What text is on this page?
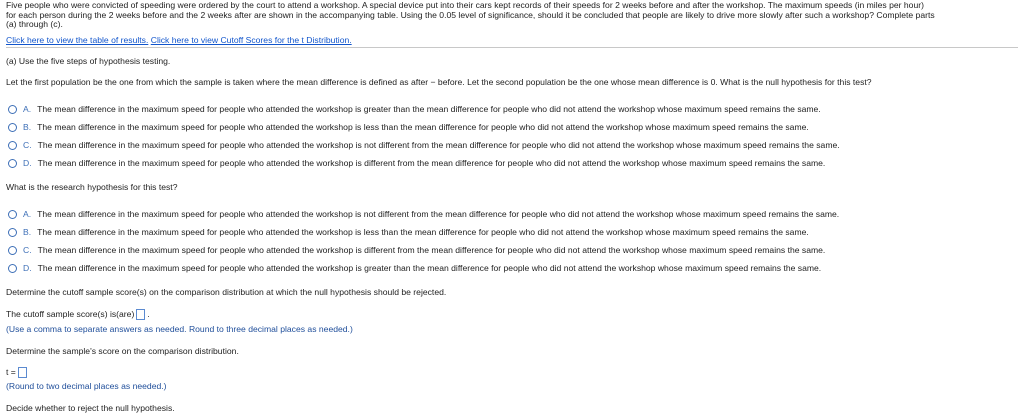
Five people who were convicted of speeding were ordered by the court to attend a workshop. A special device put into their cars kept records of their speeds for 2 weeks before and after the workshop. The maximum speeds (in miles per hour)

for each person during the 2 weeks before and the 2 weeks after are shown in the accompanying table. Using the 0.05 level of significance, should it be concluded that people are likely to drive more slowly after such a workshop? Complete parts

(a) through (c).

Click here to view the table of results. Click here to view Cutoff Scores for the t Distribution.
(a) Use the five steps of hypothesis testing.
Let the first population be the one from which the sample is taken where the mean difference is defined as after − before. Let the second population be the one whose mean difference is 0. What is the null hypothesis for this test?
A. The mean difference in the maximum speed for people who attended the workshop is greater than the mean difference for people who did not attend the workshop whose maximum speed remains the same.
B. The mean difference in the maximum speed for people who attended the workshop is less than the mean difference for people who did not attend the workshop whose maximum speed remains the same.
C. The mean difference in the maximum speed for people who attended the workshop is not different from the mean difference for people who did not attend the workshop whose maximum speed remains the same.
D. The mean difference in the maximum speed for people who attended the workshop is different from the mean difference for people who did not attend the workshop whose maximum speed remains the same.
What is the research hypothesis for this test?
A. The mean difference in the maximum speed for people who attended the workshop is not different from the mean difference for people who did not attend the workshop whose maximum speed remains the same.
B. The mean difference in the maximum speed for people who attended the workshop is less than the mean difference for people who did not attend the workshop whose maximum speed remains the same.
C. The mean difference in the maximum speed for people who attended the workshop is different from the mean difference for people who did not attend the workshop whose maximum speed remains the same.
D. The mean difference in the maximum speed for people who attended the workshop is greater than the mean difference for people who did not attend the workshop whose maximum speed remains the same.
Determine the cutoff sample score(s) on the comparison distribution at which the null hypothesis should be rejected.
The cutoff sample score(s) is(are) .
(Use a comma to separate answers as needed. Round to three decimal places as needed.)
Determine the sample's score on the comparison distribution.
t =
(Round to two decimal places as needed.)
Decide whether to reject the null hypothesis.
